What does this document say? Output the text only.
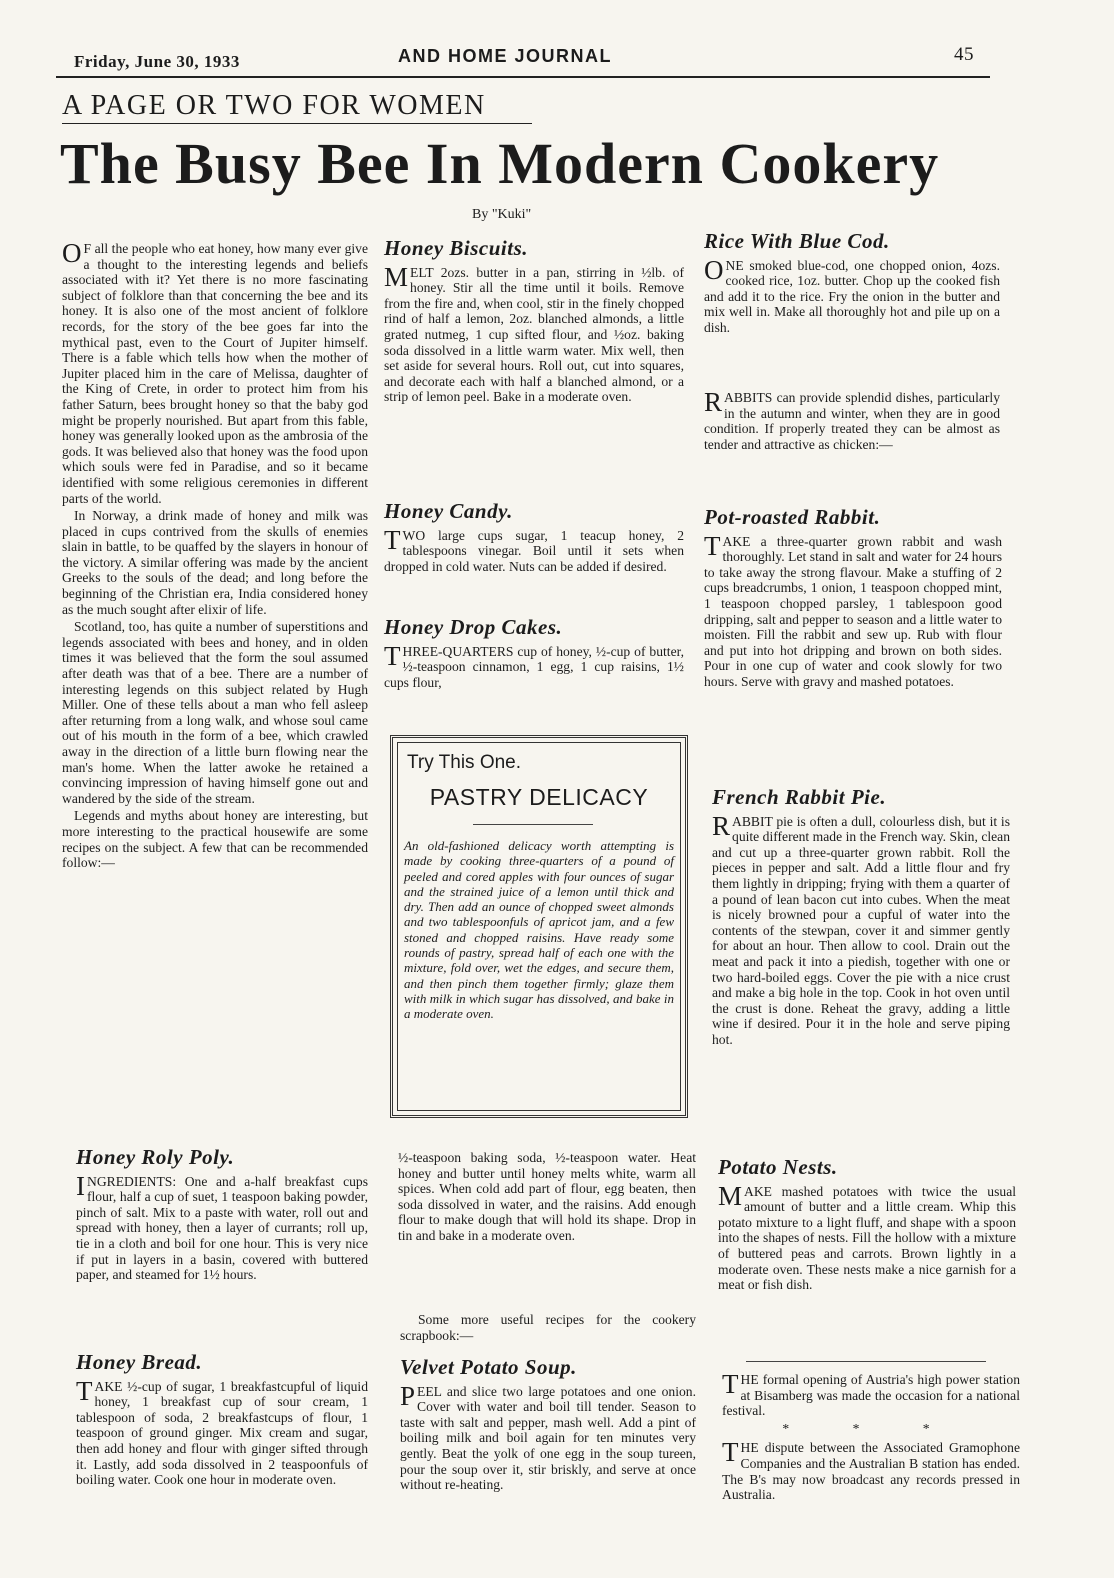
Friday, June 30, 1933	AND HOME JOURNAL	45
A PAGE OR TWO FOR WOMEN
The Busy Bee In Modern Cookery
By "Kuki"

OF all the people who eat honey, how many ever give a thought to the interesting legends and beliefs associated with it? Yet there is no more fascinating subject of folklore than that concerning the bee and its honey. It is also one of the most ancient of folklore records, for the story of the bee goes far into the mythical past, even to the Court of Jupiter himself. There is a fable which tells how when the mother of Jupiter placed him in the care of Melissa, daughter of the King of Crete, in order to protect him from his father Saturn, bees brought honey so that the baby god might be properly nourished. But apart from this fable, honey was generally looked upon as the ambrosia of the gods. It was believed also that honey was the food upon which souls were fed in Paradise, and so it became identified with some religious ceremonies in different parts of the world.

In Norway, a drink made of honey and milk was placed in cups contrived from the skulls of enemies slain in battle, to be quaffed by the slayers in honour of the victory. A similar offering was made by the ancient Greeks to the souls of the dead; and long before the beginning of the Christian era, India considered honey as the much sought after elixir of life.

Scotland, too, has quite a number of superstitions and legends associated with bees and honey, and in olden times it was believed that the form the soul assumed after death was that of a bee. There are a number of interesting legends on this subject related by Hugh Miller. One of these tells about a man who fell asleep after returning from a long walk, and whose soul came out of his mouth in the form of a bee, which crawled away in the direction of a little burn flowing near the man's home. When the latter awoke he retained a convincing impression of having himself gone out and wandered by the side of the stream.

Legends and myths about honey are interesting, but more interesting to the practical housewife are some recipes on the subject. A few that can be recommended follow:—

Honey Roly Poly.

INGREDIENTS: One and a-half breakfast cups flour, half a cup of suet, 1 teaspoon baking powder, pinch of salt. Mix to a paste with water, roll out and spread with honey, then a layer of currants; roll up, tie in a cloth and boil for one hour. This is very nice if put in layers in a basin, covered with buttered paper, and steamed for 1½ hours.

Honey Bread.

TAKE ½-cup of sugar, 1 breakfastcupful of liquid honey, 1 breakfast cup of sour cream, 1 tablespoon of soda, 2 breakfastcups of flour, 1 teaspoon of ground ginger. Mix cream and sugar, then add honey and flour with ginger sifted through it. Lastly, add soda dissolved in 2 teaspoonfuls of boiling water. Cook one hour in moderate oven.

Honey Biscuits.

MELT 2ozs. butter in a pan, stirring in ½lb. of honey. Stir all the time until it boils. Remove from the fire and, when cool, stir in the finely chopped rind of half a lemon, 2oz. blanched almonds, a little grated nutmeg, 1 cup sifted flour, and ½oz. baking soda dissolved in a little warm water. Mix well, then set aside for several hours. Roll out, cut into squares, and decorate each with half a blanched almond, or a strip of lemon peel. Bake in a moderate oven.

Honey Candy.

TWO large cups sugar, 1 teacup honey, 2 tablespoons vinegar. Boil until it sets when dropped in cold water. Nuts can be added if desired.

Honey Drop Cakes.

THREE-QUARTERS cup of honey, ½-cup of butter, ½-teaspoon cinnamon, 1 egg, 1 cup raisins, 1½ cups flour,

Try This One.
PASTRY DELICACY
An old-fashioned delicacy worth attempting is made by cooking three-quarters of a pound of peeled and cored apples with four ounces of sugar and the strained juice of a lemon until thick and dry. Then add an ounce of chopped sweet almonds and two tablespoonfuls of apricot jam, and a few stoned and chopped raisins. Have ready some rounds of pastry, spread half of each one with the mixture, fold over, wet the edges, and secure them, and then pinch them together firmly; glaze them with milk in which sugar has dissolved, and bake in a moderate oven.

½-teaspoon baking soda, ½-teaspoon water. Heat honey and butter until honey melts white, warm all spices. When cold add part of flour, egg beaten, then soda dissolved in water, and the raisins. Add enough flour to make dough that will hold its shape. Drop in tin and bake in a moderate oven.

Some more useful recipes for the cookery scrapbook:—

Velvet Potato Soup.

PEEL and slice two large potatoes and one onion. Cover with water and boil till tender. Season to taste with salt and pepper, mash well. Add a pint of boiling milk and boil again for ten minutes very gently. Beat the yolk of one egg in the soup tureen, pour the soup over it, stir briskly, and serve at once without re-heating.

Rice With Blue Cod.

ONE smoked blue-cod, one chopped onion, 4ozs. cooked rice, 1oz. butter. Chop up the cooked fish and add it to the rice. Fry the onion in the butter and mix well in. Make all thoroughly hot and pile up on a dish.

RABBITS can provide splendid dishes, particularly in the autumn and winter, when they are in good condition. If properly treated they can be almost as tender and attractive as chicken:—

Pot-roasted Rabbit.

TAKE a three-quarter grown rabbit and wash thoroughly. Let stand in salt and water for 24 hours to take away the strong flavour. Make a stuffing of 2 cups breadcrumbs, 1 onion, 1 teaspoon chopped mint, 1 teaspoon chopped parsley, 1 tablespoon good dripping, salt and pepper to season and a little water to moisten. Fill the rabbit and sew up. Rub with flour and put into hot dripping and brown on both sides. Pour in one cup of water and cook slowly for two hours. Serve with gravy and mashed potatoes.

French Rabbit Pie.

RABBIT pie is often a dull, colourless dish, but it is quite different made in the French way. Skin, clean and cut up a three-quarter grown rabbit. Roll the pieces in pepper and salt. Add a little flour and fry them lightly in dripping; frying with them a quarter of a pound of lean bacon cut into cubes. When the meat is nicely browned pour a cupful of water into the contents of the stewpan, cover it and simmer gently for about an hour. Then allow to cool. Drain out the meat and pack it into a piedish, together with one or two hard-boiled eggs. Cover the pie with a nice crust and make a big hole in the top. Cook in hot oven until the crust is done. Reheat the gravy, adding a little wine if desired. Pour it in the hole and serve piping hot.

Potato Nests.

MAKE mashed potatoes with twice the usual amount of butter and a little cream. Whip this potato mixture to a light fluff, and shape with a spoon into the shapes of nests. Fill the hollow with a mixture of buttered peas and carrots. Brown lightly in a moderate oven. These nests make a nice garnish for a meat or fish dish.

THE formal opening of Austria's high power station at Bisamberg was made the occasion for a national festival.

* * *

THE dispute between the Associated Gramophone Companies and the Australian B station has ended. The B's may now broadcast any records pressed in Australia.
